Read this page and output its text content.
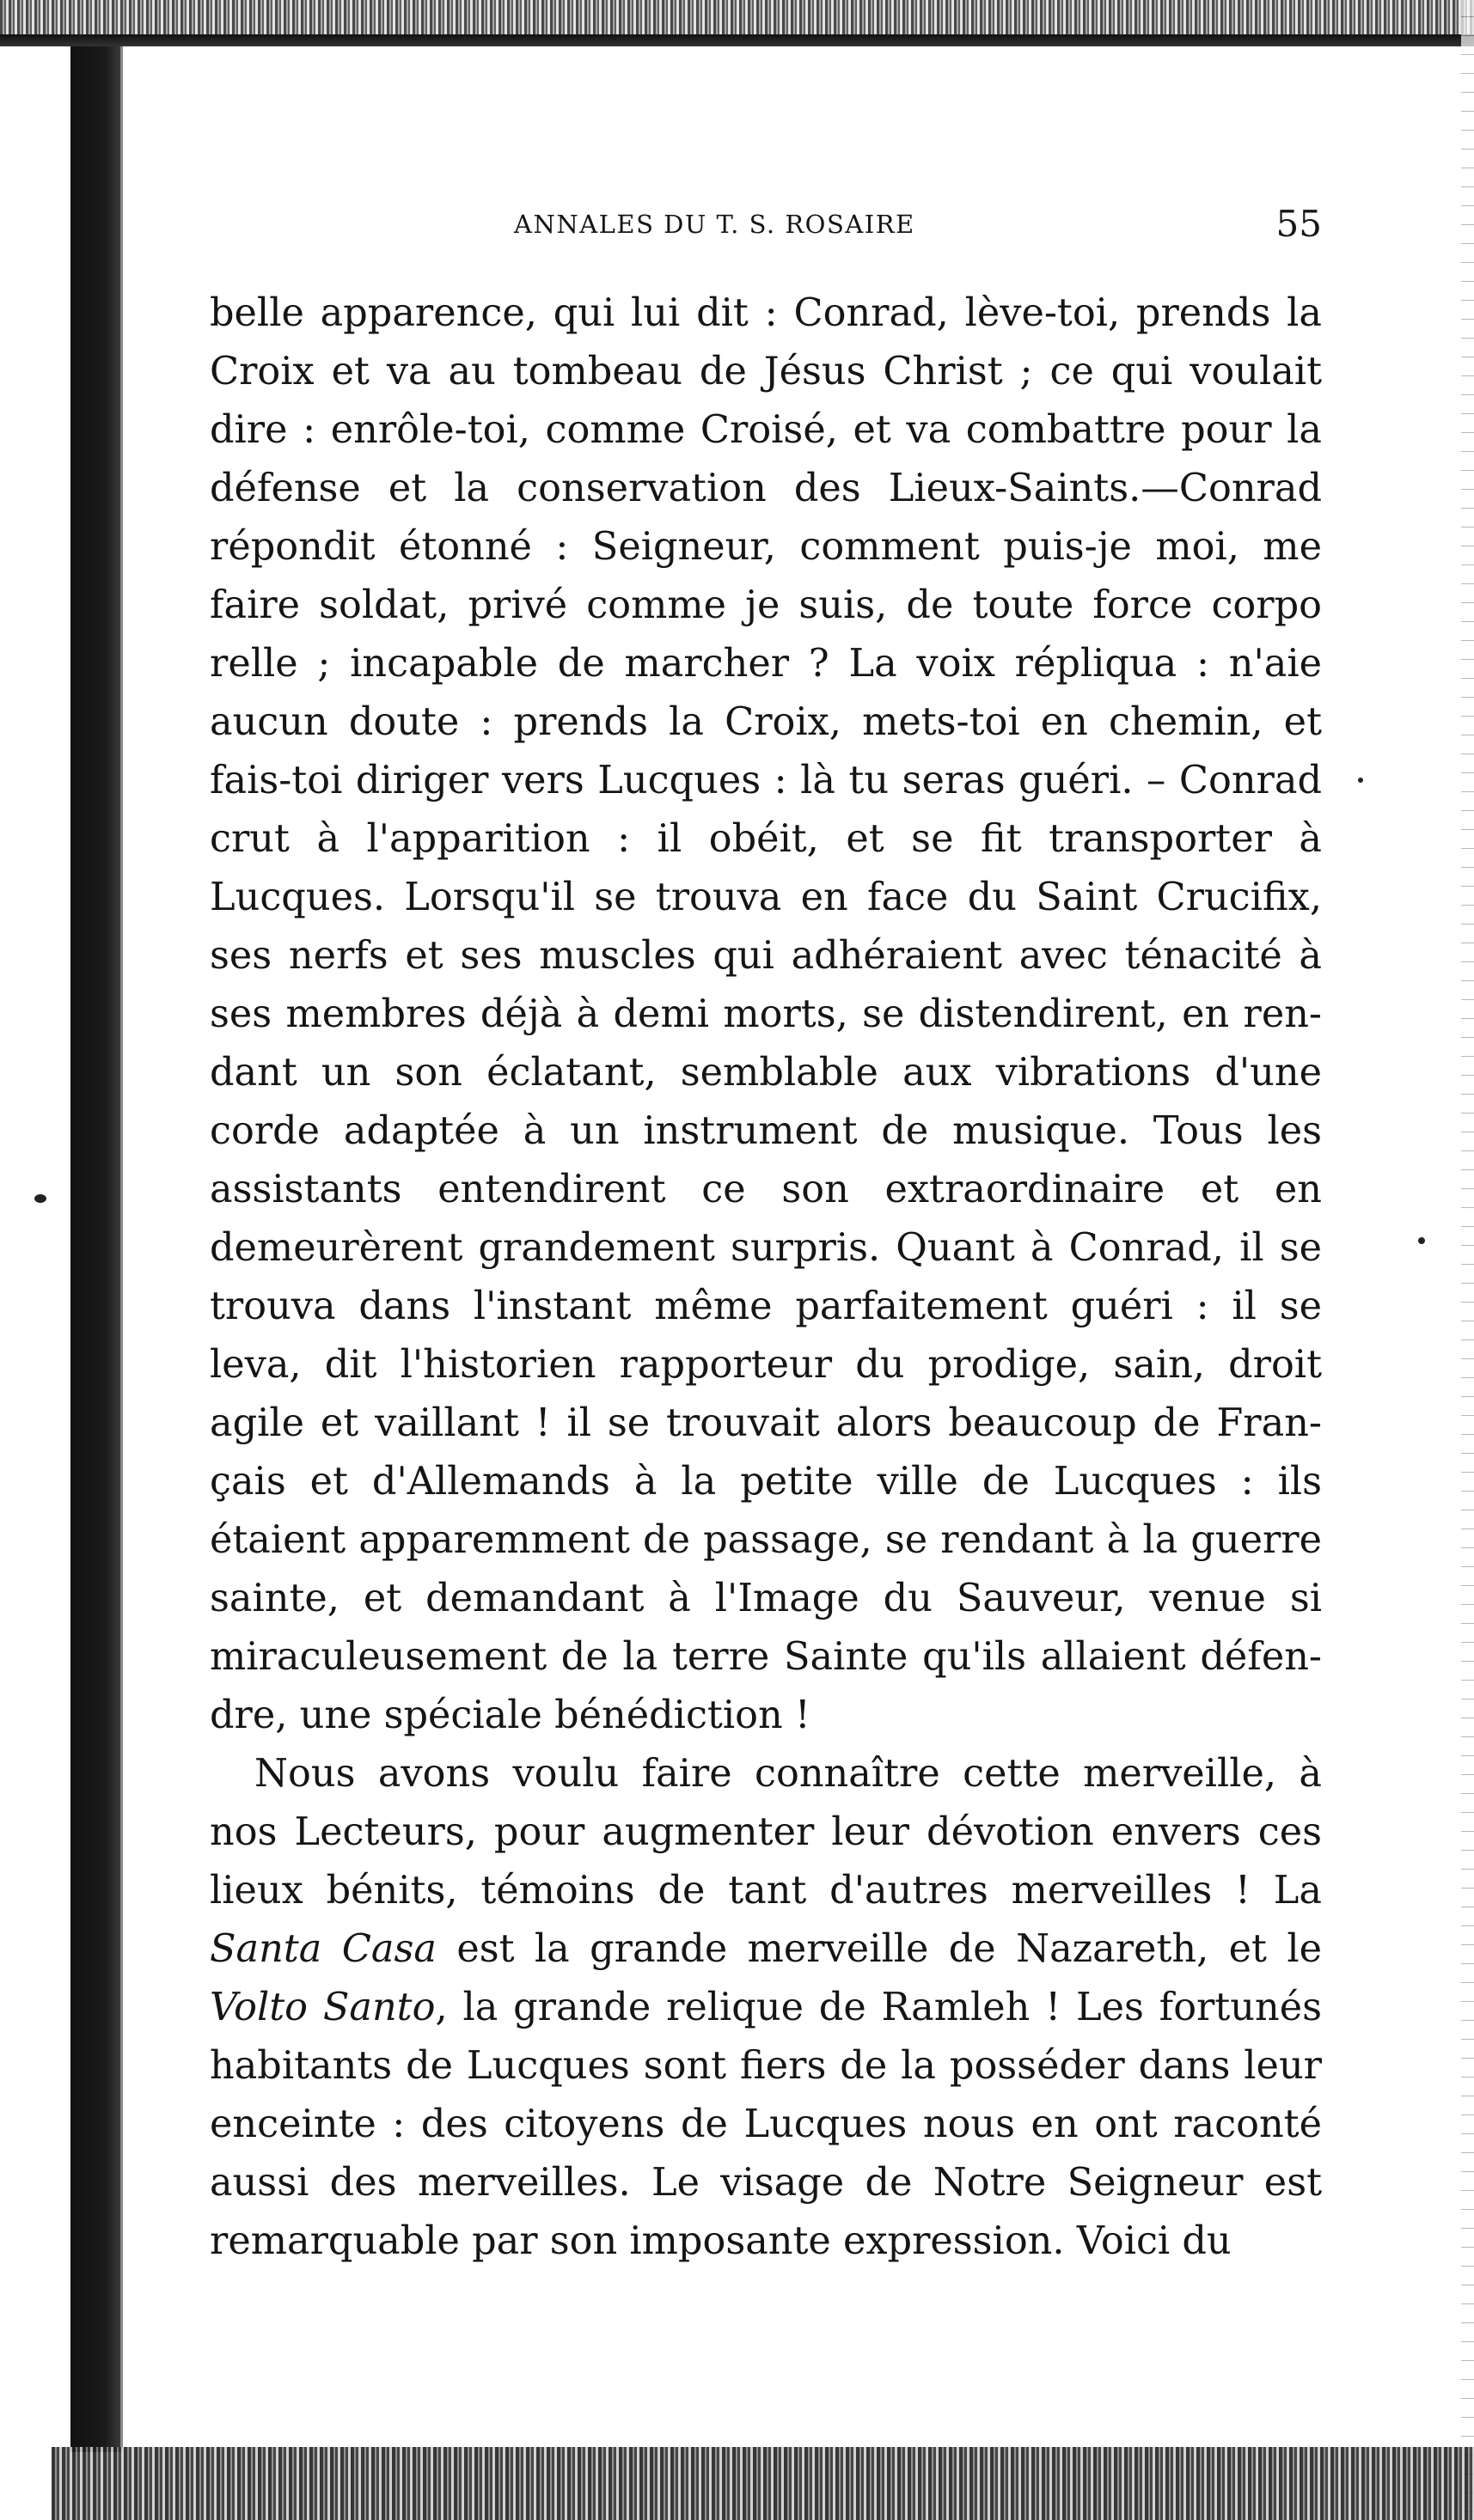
ANNALES DU T. S. ROSAIRE	55
belle apparence, qui lui dit : Conrad, lève-toi, prends la
Croix et va au tombeau de Jésus Christ ; ce qui voulait
dire : enrôle-toi, comme Croisé, et va combattre pour la
défense et la conservation des Lieux-Saints.—Conrad
répondit étonné : Seigneur, comment puis-je moi, me
faire soldat, privé comme je suis, de toute force corpo
relle ; incapable de marcher ? La voix répliqua : n'aie
aucun doute : prends la Croix, mets-toi en chemin, et
fais-toi diriger vers Lucques : là tu seras guéri. – Conrad
crut à l'apparition : il obéit, et se fit transporter à
Lucques. Lorsqu'il se trouva en face du Saint Crucifix,
ses nerfs et ses muscles qui adhéraient avec ténacité à
ses membres déjà à demi morts, se distendirent, en ren-
dant un son éclatant, semblable aux vibrations d'une
corde adaptée à un instrument de musique. Tous les
assistants entendirent ce son extraordinaire et en
demeurèrent grandement surpris. Quant à Conrad, il se
trouva dans l'instant même parfaitement guéri : il se
leva, dit l'historien rapporteur du prodige, sain, droit
agile et vaillant ! il se trouvait alors beaucoup de Fran-
çais et d'Allemands à la petite ville de Lucques : ils
étaient apparemment de passage, se rendant à la guerre
sainte, et demandant à l'Image du Sauveur, venue si
miraculeusement de la terre Sainte qu'ils allaient défen-
dre, une spéciale bénédiction !
Nous avons voulu faire connaître cette merveille, à
nos Lecteurs, pour augmenter leur dévotion envers ces
lieux bénits, témoins de tant d'autres merveilles ! La
Santa Casa est la grande merveille de Nazareth, et le
Volto Santo, la grande relique de Ramleh ! Les fortunés
habitants de Lucques sont fiers de la posséder dans leur
enceinte : des citoyens de Lucques nous en ont raconté
aussi des merveilles. Le visage de Notre Seigneur est
remarquable par son imposante expression. Voici du
